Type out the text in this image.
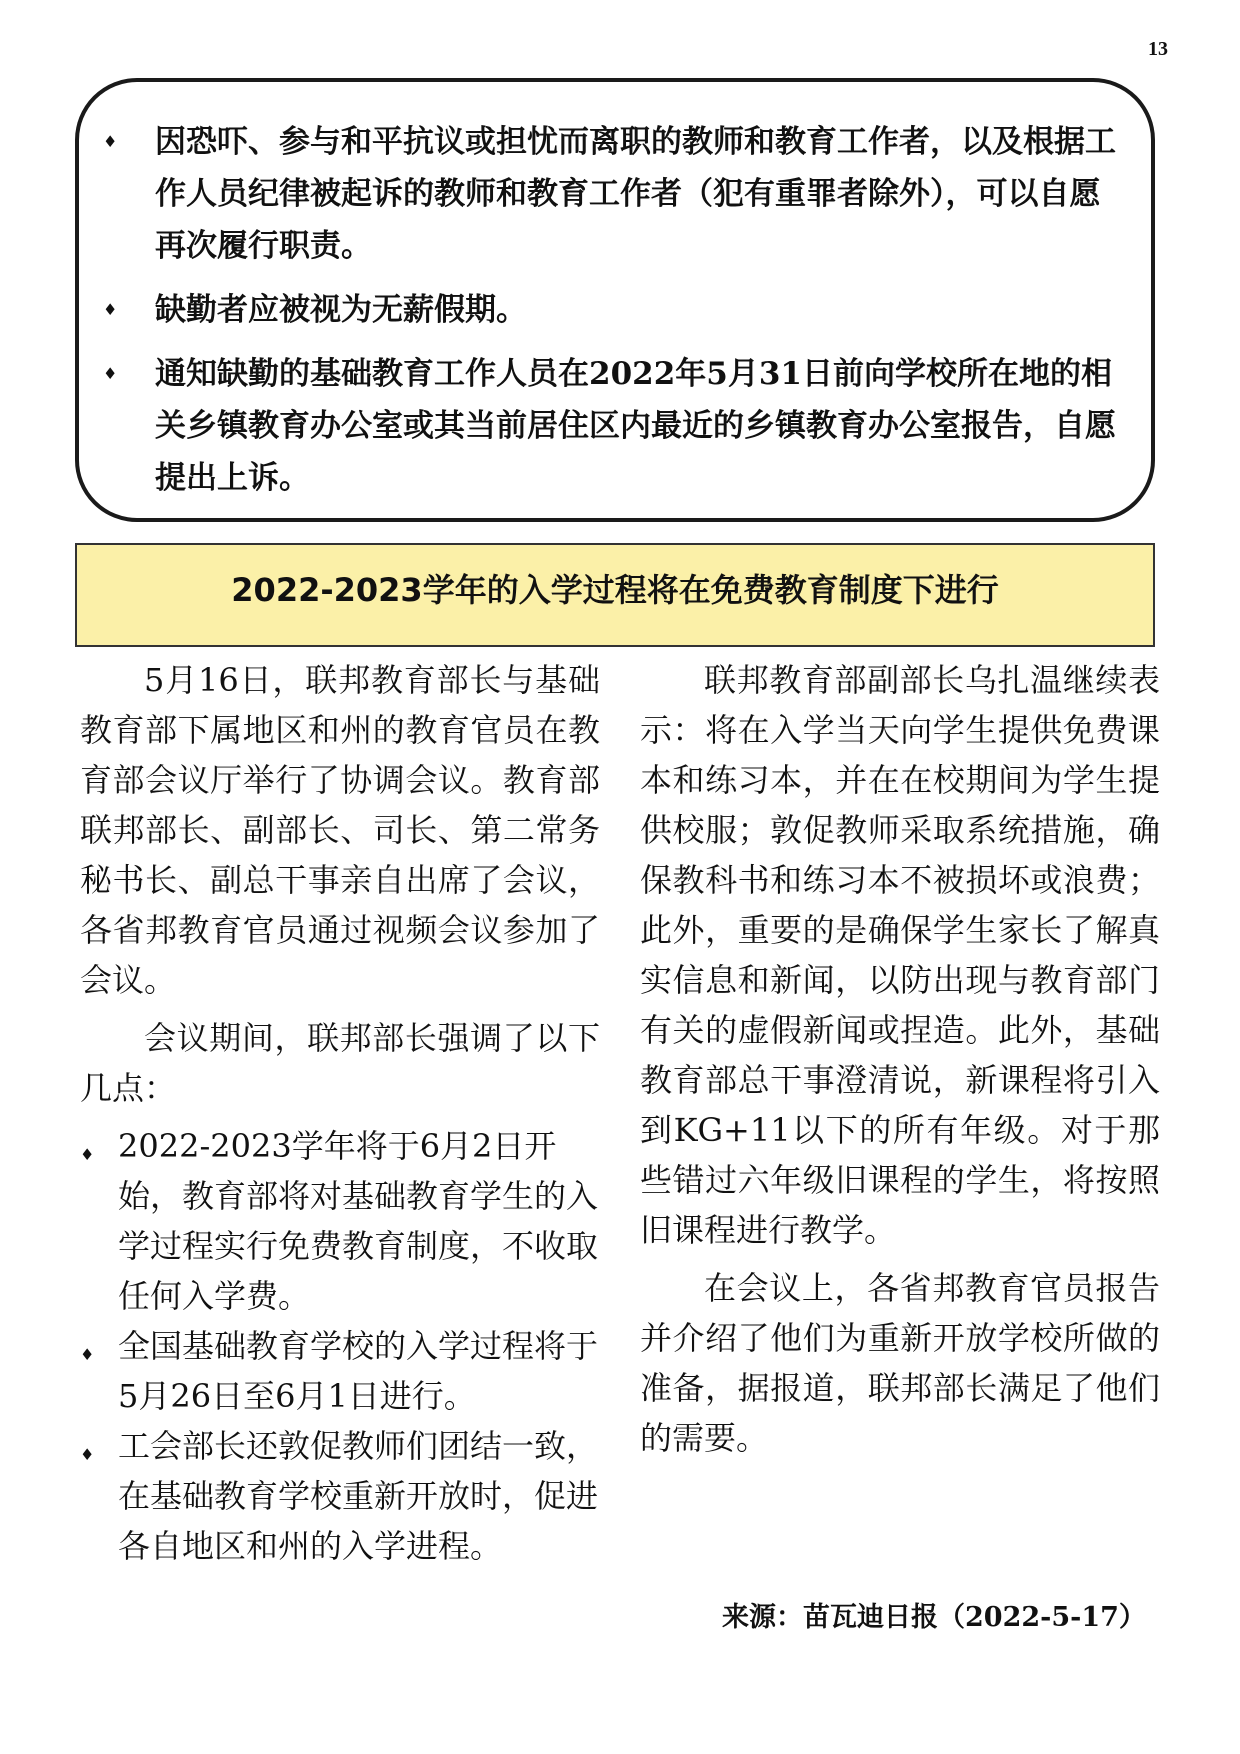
13
♦ 因恐吓、参与和平抗议或担忧而离职的教师和教育工作者，以及根据工作人员纪律被起诉的教师和教育工作者（犯有重罪者除外），可以自愿再次履行职责。
♦ 缺勤者应被视为无薪假期。
♦ 通知缺勤的基础教育工作人员在2022年5月31日前向学校所在地的相关乡镇教育办公室或其当前居住区内最近的乡镇教育办公室报告，自愿提出上诉。
2022-2023学年的入学过程将在免费教育制度下进行

5月16日，联邦教育部长与基础教育部下属地区和州的教育官员在教育部会议厅举行了协调会议。教育部联邦部长、副部长、司长、第二常务秘书长、副总干事亲自出席了会议，各省邦教育官员通过视频会议参加了会议。

会议期间，联邦部长强调了以下几点：

♦ 2022-2023学年将于6月2日开始，教育部将对基础教育学生的入学过程实行免费教育制度，不收取任何入学费。
♦ 全国基础教育学校的入学过程将于5月26日至6月1日进行。
♦ 工会部长还敦促教师们团结一致，在基础教育学校重新开放时，促进各自地区和州的入学进程。

联邦教育部副部长乌扎温继续表示：将在入学当天向学生提供免费课本和练习本，并在在校期间为学生提供校服；敦促教师采取系统措施，确保教科书和练习本不被损坏或浪费；此外，重要的是确保学生家长了解真实信息和新闻，以防出现与教育部门有关的虚假新闻或捏造。此外，基础教育部总干事澄清说，新课程将引入到KG+11以下的所有年级。对于那些错过六年级旧课程的学生，将按照旧课程进行教学。

在会议上，各省邦教育官员报告并介绍了他们为重新开放学校所做的准备，据报道，联邦部长满足了他们的需要。

来源：苗瓦迪日报（2022-5-17）
